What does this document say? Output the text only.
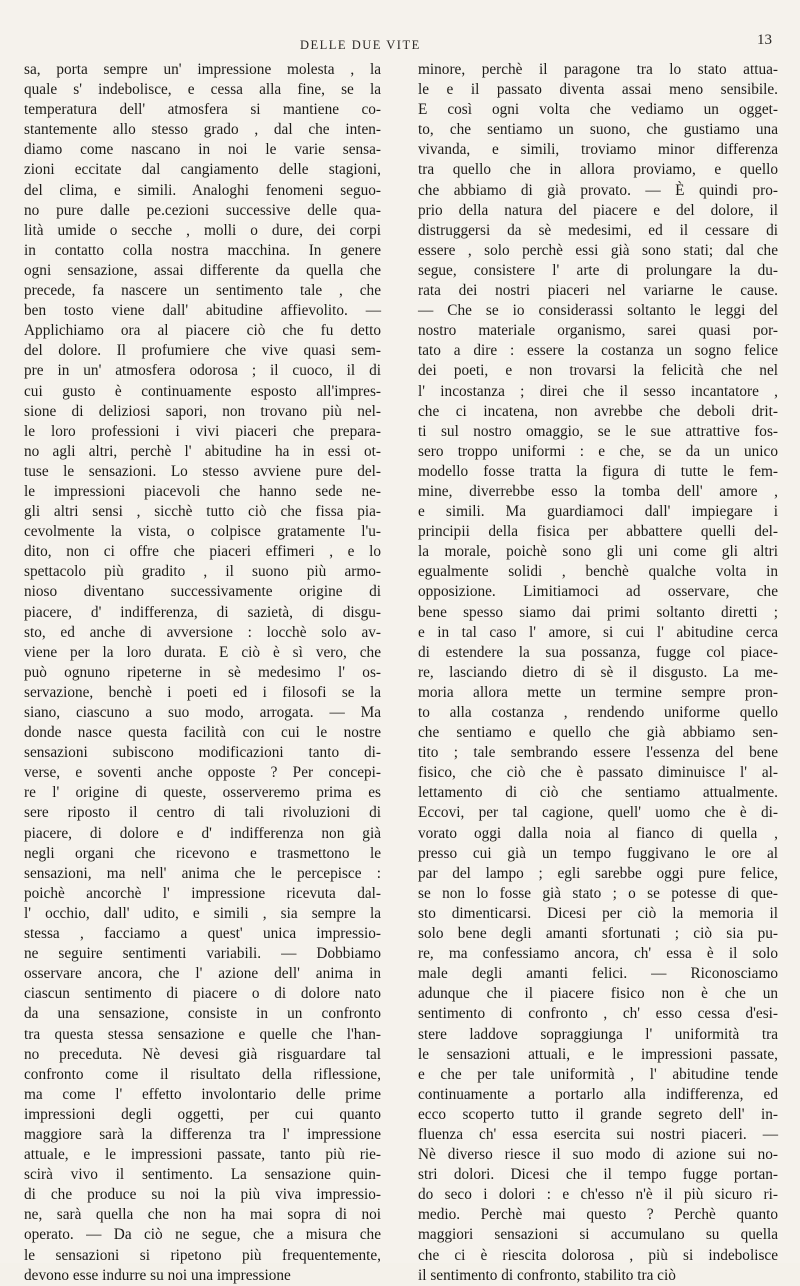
DELLE DUE VITE	13
sa, porta sempre un' impressione molesta , la
quale s' indebolisce, e cessa alla fine, se la
temperatura dell' atmosfera si mantiene co-
stantemente allo stesso grado , dal che inten-
diamo come nascano in noi le varie sensa-
zioni eccitate dal cangiamento delle stagioni,
del clima, e simili. Analoghi fenomeni seguo-
no pure dalle pe.cezioni successive delle qua-
lità umide o secche , molli o dure, dei corpi
in contatto colla nostra macchina. In genere
ogni sensazione, assai differente da quella che
precede, fa nascere un sentimento tale , che
ben tosto viene dall' abitudine affievolito. —
Applichiamo ora al piacere ciò che fu detto
del dolore. Il profumiere che vive quasi sem-
pre in un' atmosfera odorosa ; il cuoco, il di
cui gusto è continuamente esposto all'impres-
sione di deliziosi sapori, non trovano più nel-
le loro professioni i vivi piaceri che prepara-
no agli altri, perchè l' abitudine ha in essi ot-
tuse le sensazioni. Lo stesso avviene pure del-
le impressioni piacevoli che hanno sede ne-
gli altri sensi , sicchè tutto ciò che fissa pia-
cevolmente la vista, o colpisce gratamente l'u-
dito, non ci offre che piaceri effimeri , e lo
spettacolo più gradito , il suono più armo-
nioso diventano successivamente origine di
piacere, d' indifferenza, di sazietà, di disgu-
sto, ed anche di avversione : locchè solo av-
viene per la loro durata. E ciò è sì vero, che
può ognuno ripeterne in sè medesimo l' os-
servazione, benchè i poeti ed i filosofi se la
siano, ciascuno a suo modo, arrogata. — Ma
donde nasce questa facilità con cui le nostre
sensazioni subiscono modificazioni tanto di-
verse, e soventi anche opposte ? Per concepi-
re l' origine di queste, osserveremo prima es
sere riposto il centro di tali rivoluzioni di
piacere, di dolore e d' indifferenza non già
negli organi che ricevono e trasmettono le
sensazioni, ma nell' anima che le percepisce :
poichè ancorchè l' impressione ricevuta dal-
l' occhio, dall' udito, e simili , sia sempre la
stessa , facciamo a quest' unica impressio-
ne seguire sentimenti variabili. — Dobbiamo
osservare ancora, che l' azione dell' anima in
ciascun sentimento di piacere o di dolore nato
da una sensazione, consiste in un confronto
tra questa stessa sensazione e quelle che l'han-
no preceduta. Nè devesi già risguardare tal
confronto come il risultato della riflessione,
ma come l' effetto involontario delle prime
impressioni degli oggetti, per cui quanto
maggiore sarà la differenza tra l' impressione
attuale, e le impressioni passate, tanto più rie-
scirà vivo il sentimento. La sensazione quin-
di che produce su noi la più viva impressio-
ne, sarà quella che non ha mai sopra di noi
operato. — Da ciò ne segue, che a misura che
le sensazioni si ripetono più frequentemente,
devono esse indurre su noi una impressione
minore, perchè il paragone tra lo stato attua-
le e il passato diventa assai meno sensibile.
E così ogni volta che vediamo un ogget-
to, che sentiamo un suono, che gustiamo una
vivanda, e simili, troviamo minor differenza
tra quello che in allora proviamo, e quello
che abbiamo di già provato. — È quindi pro-
prio della natura del piacere e del dolore, il
distruggersi da sè medesimi, ed il cessare di
essere , solo perchè essi già sono stati; dal che
segue, consistere l' arte di prolungare la du-
rata dei nostri piaceri nel variarne le cause.
— Che se io considerassi soltanto le leggi del
nostro materiale organismo, sarei quasi por-
tato a dire : essere la costanza un sogno felice
dei poeti, e non trovarsi la felicità che nel
l' incostanza ; direi che il sesso incantatore ,
che ci incatena, non avrebbe che deboli drit-
ti sul nostro omaggio, se le sue attrattive fos-
sero troppo uniformi : e che, se da un unico
modello fosse tratta la figura di tutte le fem-
mine, diverrebbe esso la tomba dell' amore ,
e simili. Ma guardiamoci dall' impiegare i
principii della fisica per abbattere quelli del-
la morale, poichè sono gli uni come gli altri
egualmente solidi , benchè qualche volta in
opposizione. Limitiamoci ad osservare, che
bene spesso siamo dai primi soltanto diretti ;
e in tal caso l' amore, si cui l' abitudine cerca
di estendere la sua possanza, fugge col piace-
re, lasciando dietro di sè il disgusto. La me-
moria allora mette un termine sempre pron-
to alla costanza , rendendo uniforme quello
che sentiamo e quello che già abbiamo sen-
tito ; tale sembrando essere l'essenza del bene
fisico, che ciò che è passato diminuisce l' al-
lettamento di ciò che sentiamo attualmente.
Eccovi, per tal cagione, quell' uomo che è di-
vorato oggi dalla noia al fianco di quella ,
presso cui già un tempo fuggivano le ore al
par del lampo ; egli sarebbe oggi pure felice,
se non lo fosse già stato ; o se potesse di que-
sto dimenticarsi. Dicesi per ciò la memoria il
solo bene degli amanti sfortunati ; ciò sia pu-
re, ma confessiamo ancora, ch' essa è il solo
male degli amanti felici. — Riconosciamo
adunque che il piacere fisico non è che un
sentimento di confronto , ch' esso cessa d'esi-
stere laddove sopraggiunga l' uniformità tra
le sensazioni attuali, e le impressioni passate,
e che per tale uniformità , l' abitudine tende
continuamente a portarlo alla indifferenza, ed
ecco scoperto tutto il grande segreto dell' in-
fluenza ch' essa esercita sui nostri piaceri. —
Nè diverso riesce il suo modo di azione sui no-
stri dolori. Dicesi che il tempo fugge portan-
do seco i dolori : e ch'esso n'è il più sicuro ri-
medio. Perchè mai questo ? Perchè quanto
maggiori sensazioni si accumulano su quella
che ci è riescita dolorosa , più si indebolisce
il sentimento di confronto, stabilito tra ciò
